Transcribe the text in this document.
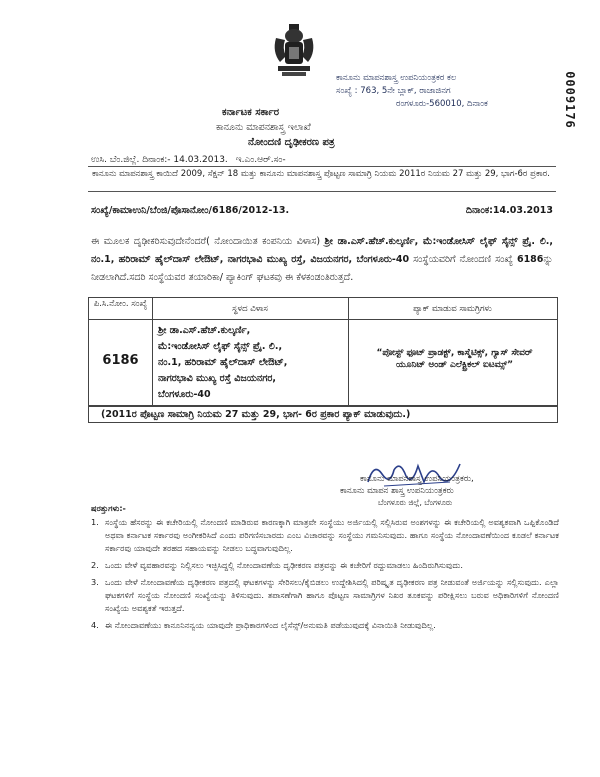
0009176
ಕಾನೂನು ಮಾಪನಶಾಸ್ತ್ರ ಉಪನಿಯಂತ್ರಕರ ಕಲ
ಸಂಖ್ಯೆ : 763, 5ನೇ ಬ್ಲಾಕ್, ರಾಜಾಜಿನಗ
ರಂಗಳೂರು-560010, ದಿನಾಂಕ
ಕರ್ನಾಟಕ ಸರ್ಕಾರ
ಕಾನೂನು ಮಾಪನಶಾಸ್ತ್ರ ಇಲಾಖೆ
ನೋಂದಣಿ ದೃಢೀಕರಣ ಪತ್ರ
ಉಸಿ. ಬೆಂ.ಜಿಲ್ಲೆ. ದಿನಾಂಕ:- 14.03.2013. ಇ.ಎಂ.ಆರ್.ಸಂ-
ಕಾನೂನು ಮಾಪನಶಾಸ್ತ್ರ ಕಾಯಿದೆ 2009, ಸೆಕ್ಷನ್ 18 ಮತ್ತು ಕಾನೂನು ಮಾಪನಶಾಸ್ತ್ರ ಪೊಟ್ಟಣ ಸಾಮಾಗ್ರಿ ನಿಯಮ 2011ರ ನಿಯಮ 27 ಮತ್ತು 29, ಭಾಗ-6ರ ಪ್ರಕಾರ.
ಸಂಖ್ಯೆ/ಕಾಮಾಉನಿ/ಬೆಂಜಿ/ಪೊಸಾನೋಂ/6186/2012-13.	ದಿನಾಂಕ:14.03.2013
ಈ ಮೂಲಕ ದೃಢೀಕರಿಸುವುದೇನೆಂದರೆ( ನೋಂದಾಯಿತ ಕಂಪನಿಯ ವಿಳಾಸ) ಶ್ರೀ ಡಾ.ಎಸ್.ಹೆಚ್.ಕುಲ್ಕರ್ಣಿ, ಮೆ:ಇಂಡೋಸಿಸ್ ಲೈಫ್ ಸೈನ್ಸ್ ಪ್ರೈ. ಲಿ., ನಂ.1, ಹರಿರಾಮ್ ಹೈಲ್‌ದಾಸ್ ಲೇಔಟ್, ನಾಗರಭಾವಿ ಮುಖ್ಯ ರಸ್ತೆ, ವಿಜಯನಗರ, ಬೆಂಗಳೂರು-40 ಸಂಸ್ಥೆಯವರಿಗೆ ನೋಂದಣಿ ಸಂಖ್ಯೆ 6186ನ್ನು ನೀಡಲಾಗಿದೆ.ಸದರಿ ಸಂಸ್ಥೆಯವರ ತಯಾರಿಕಾ/ ಪ್ಯಾಕಿಂಗ್ ಘಟಕವು ಈ ಕೆಳಕಂಡಂತಿರುತ್ತದೆ.
ಪಿ.ಸಿ.ನೋಂ. ಸಂಖ್ಯೆ
6186
ಸ್ಥಳದ ವಿಳಾಸ
ಶ್ರೀ ಡಾ.ಎಸ್.ಹೆಚ್.ಕುಲ್ಕರ್ಣಿ,
ಮೆ:ಇಂಡೋಸಿಸ್ ಲೈಫ್ ಸೈನ್ಸ್ ಪ್ರೈ. ಲಿ.,
ನಂ.1, ಹರಿರಾಮ್ ಹೈಲ್‌ದಾಸ್ ಲೇಔಟ್,
ನಾಗರಭಾವಿ ಮುಖ್ಯ ರಸ್ತೆ ವಿಜಯನಗರ,
ಬೆಂಗಳೂರು-40
ಪ್ಯಾಕ್ ಮಾಡುವ ಸಾಮಗ್ರಿಗಳು
“ಪೋಸ್ಟ್ ಫೂಟ್ ಪ್ರಾಡಕ್ಟ್, ಕಾಸ್ಮೆಟಿಕ್ಸ್, ಗ್ಯಾಸ್ ಸೇವರ್ ಯೂನಿಟ್ ಅಂಡ್ ಎಲೆಕ್ಟ್ರಿಕಲ್ ಐಟಮ್ಸ್”
(2011ರ ಪೊಟ್ಟಣ ಸಾಮಾಗ್ರಿ ನಿಯಮ 27 ಮತ್ತು 29, ಭಾಗ- 6ರ ಪ್ರಕಾರ ಪ್ಯಾಕ್ ಮಾಡುವುದು.)
ಕಾನೂನು ಮಾಪನಶಾಸ್ತ್ರ ಉಪನಿಯಂತ್ರಕರು,
ಕಾನೂನು ಮಾಪನ ಶಾಸ್ತ್ರ ಉಪನಿಯಂತ್ರಕರು
ಬೆಂಗಳೂರು ಜಿಲ್ಲೆ, ಬೆಂಗಳೂರು
ಷರತ್ತುಗಳು:-
1. ಸಂಸ್ಥೆಯ ಹೆಸರನ್ನು ಈ ಕಚೇರಿಯಲ್ಲಿ ನೋಂದಣಿ ಮಾಡಿರುವ ಕಾರಣಕ್ಕಾಗಿ ಮಾತ್ರವೇ ಸಂಸ್ಥೆಯು ಅರ್ಜಿಯಲ್ಲಿ ಸಲ್ಲಿಸಿರುವ ಅಂಶಗಳನ್ನು ಈ ಕಚೇರಿಯಲ್ಲಿ ಅವಶ್ಯಕವಾಗಿ ಒಪ್ಪಿಕೊಂಡಿದೆ ಅಥವಾ ಕರ್ನಾಟಕ ಸರ್ಕಾರವು ಅಂಗೀಕರಿಸಿದೆ ಎಂದು ಪರಿಗಣಿಸಬಾರದು ಎಂಬ ವಿಚಾರವನ್ನು ಸಂಸ್ಥೆಯು ಗಮನಿಸುವುದು. ಹಾಗೂ ಸಂಸ್ಥೆಯ ನೋಂದಾವಣೆಯಿಂದ ಕೂಡಲೆ ಕರ್ನಾಟಕ ಸರ್ಕಾರವು ಯಾವುದೇ ತರಹದ ಸಹಾಯವನ್ನು ನೀಡಲು ಬದ್ಧವಾಗುವುದಿಲ್ಲ.
2. ಒಂದು ವೇಳೆ ವ್ಯವಹಾರವನ್ನು ನಿಲ್ಲಿಸಲು ಇಚ್ಛಿಸಿದ್ದಲ್ಲಿ ನೋಂದಾವಣೆಯ ದೃಢೀಕರಣ ಪತ್ರವನ್ನು ಈ ಕಚೇರಿಗೆ ರದ್ದುಮಾಡಲು ಹಿಂದಿರುಗಿಸುವುದು.
3. ಒಂದು ವೇಳೆ ನೋಂದಾವಣೆಯ ದೃಢೀಕರಣ ಪತ್ರದಲ್ಲಿ ಘಟಕಗಳನ್ನು ಸೇರಿಸಲು/ಕೈಬಿಡಲು ಉದ್ದೇಶಿಸಿದಲ್ಲಿ ಪರಿಷ್ಕೃತ ದೃಢೀಕರಣ ಪತ್ರ ನೀಡುವಂತೆ ಅರ್ಜಿಯನ್ನು ಸಲ್ಲಿಸುವುದು. ಎಲ್ಲಾ ಘಟಕಗಳಿಗೆ ಸಂಸ್ಥೆಯ ನೋಂದಣಿ ಸಂಖ್ಯೆಯನ್ನು ತಿಳಿಸುವುದು. ತಪಾಸಣೆಗಾಗಿ ಹಾಗೂ ಪೊಟ್ಟಣ ಸಾಮಾಗ್ರಿಗಳ ನಿಖರ ತೂಕವನ್ನು ಪರೀಕ್ಷಿಸಲು ಬರುವ ಅಧಿಕಾರಿಗಳಿಗೆ ನೋಂದಣಿ ಸಂಖ್ಯೆಯ ಅವಶ್ಯಕತೆ ಇರುತ್ತದೆ.
4. ಈ ನೋಂದಾವಣೆಯು ಕಾನೂನಿನನ್ವಯ ಯಾವುದೇ ಪ್ರಾಧಿಕಾರಗಳಿಂದ ಲೈಸೆನ್ಸ್/ಅನುಮತಿ ಪಡೆಯುವುದಕ್ಕೆ ವಿನಾಯಿತಿ ನೀಡುವುದಿಲ್ಲ.
